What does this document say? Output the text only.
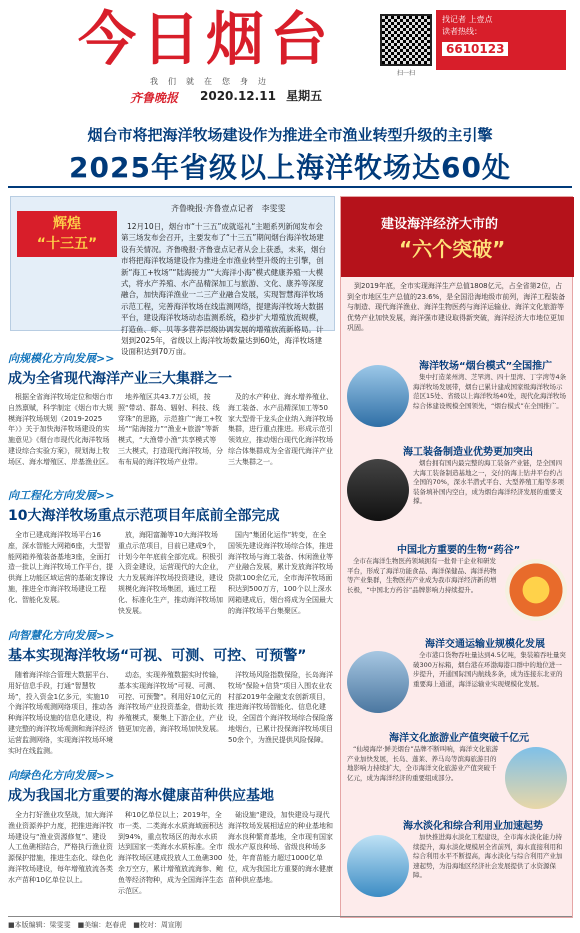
今日烟台
我们就在您身边
齐鲁晚报 2020.12.11 星期五
扫一扫
找记者 上壹点
读者热线：
6610123
烟台市将把海洋牧场建设作为推进全市渔业转型升级的主引擎
2025年省级以上海洋牧场达60处
辉煌
“十三五”
齐鲁晚报·齐鲁壹点记者　李雯雯
12月10日，烟台市“十三五”成就巡礼“主题系列新闻发布会第三场发布会召开，主要发布了“十三五”期间烟台海洋牧场建设有关情况。齐鲁晚报·齐鲁壹点记者从会上获悉，未来，烟台市将把海洋牧场建设作为推进全市渔业转型升级的主引擎，创新“海工+牧场”“陆海接力”“大海洋小海”模式健康养殖一大模式，将水产养殖、水产品精深加工与旅游、文化、康养等深度融合，加快海洋渔业一二三产业融合发展，实现智慧海洋牧场示范工程，完善海洋牧场在线监测网络，提建海洋牧场大数据平台，建设海洋牧场动态监测系统，稳步扩大增殖放流规模，打造鱼、虾、贝等多营养层级协调发展的增殖放流新格局。计划到2025年，省级以上海洋牧场数量达到60处，海洋牧场建设面积达到70万亩。
向规模化方向发展>>
成为全省现代海洋产业三大集群之一
根据全省海洋牧场定位和烟台市自然禀赋，科学制定《烟台市大规模海洋牧场规划（2019-2025年）》关于加快海洋牧场建设的实施意见》《烟台市现代化海洋牧场建设综合实验方案》，规划海上牧场区、海水增殖区、岸基渔业区。
地养殖区共43.7万公顷，按照“带动、群岛、辐射、科技、线穿珠”的思路，示范推广“海工+牧场”“陆海接力”“渔业+旅游”等新模式，“大渔带小渔”共享模式等三大模式，打造现代海洋牧场，分布布局的海洋牧场产业带。
及的水产种业、海水增养殖业、海工装备、水产品精深加工等50家大型骨干龙头企业纳入海洋牧场集群，进行重点推进。形成示范引领效应，推动烟台现代化海洋牧场综合体集群成为全省现代海洋产业三大集群之一。
向工程化方向发展>>
10大海洋牧场重点示范项目年底前全部完成
全市已建成海洋牧场平台16座，深水智能大网箱6座，大型智能网箱养殖装备基地3座，全面打造一批以上海洋牧场工作平台，提供海上功能区域运营的基础支撑设施，推进全市海洋牧场建设工程化、智能化发展。
放，海阳富瀚等10大海洋牧场重点示范项目，目前已建成9个，计划今年年底前全部完成。积极引入资金建设，运营现代的大企业，大力发展海洋牧场投资建设，建设规模化海洋牧场集团，通过工程化、标准化生产，推动海洋牧场加快发展。
国内“集团化运作”转变，在全国领先建设海洋牧场综合体，推进海洋牧场与海工装备、休闲渔业等产业融合发展，累计发放海洋牧场贷款100余亿元，全市海洋牧场面积达到500万方，100个以上深水网箱建成后，烟台将成为全国最大的海洋牧场平台集聚区。
向智慧化方向发展>>
基本实现海洋牧场“可视、可测、可控、可预警”
随着海洋综合管理大数据平台、用好信息手段，打通“智慧牧场”，投入资金1亿多元，实施10个海洋牧场观测网络项目，推动各种海洋牧场设施的信息化建设，构建完整的海洋牧场观测和海洋经济运营监测网络，实现海洋牧场环境实时在线监测。
动态，实现养殖数据实时传输，基本实现海洋牧场“可视、可测、可控、可预警”。利用好10亿元的海洋牧场产业投资基金，借助长效养殖模式，聚集上下游企业，产业链更加完善，海洋牧场加快发展。
洋牧场风险指数保险，长岛海洋牧场“保险+信贷”项目入围农业农村部2019年金融支农创新项目，推进海洋牧场智能化、信息化建设，全国首个海洋牧场综合保险落地烟台，已累计投保海洋牧场项目50余个，为渔民提供风险保障。
向绿色化方向发展>>
成为我国北方重要的海水健康苗种供应基地
全力打好渔业攻坚战，加大海洋渔业资源养护力度，把推进海洋牧场建设与“渔业资源修复”、建设人工鱼礁相结合，严格执行渔业资源保护措施，推进生态化、绿色化海洋牧场建设，每年增殖放流各类水产苗种10亿单位以上。
种10亿单位以上；2019年，全市一类、二类海水水质海域面积达到94%，重点牧场区的海水水质达到国家一类海水水质标准。全市海洋牧场区建成投放人工鱼礁300余万空方，累计增殖放流海参、鲍鱼等经济物种，成为全国海洋生态示范区。
础设施“建设，加快建设与现代海洋牧场发展相适应的种业基地和海水良种繁育基地，全市现有国家级水产原良种场、省级良种场多处，年育苗能力超过1000亿单位，成为我国北方重要的海水健康苗种供应基地。
建设海洋经济大市的
“六个突破”
到2019年底，全市实现海洋生产总值1808亿元，占全省第2位，占到全市地区生产总值的23.6%，是全国沿海地级市前列，海洋工程装备与制造、现代海洋渔业、海洋生物医药与海洋运输业、海洋文化旅游等优势产业加快发展，海洋强市建设取得新突破，海洋经济大市地位更加巩固。
海洋牧场“烟台模式”全国推广
集中打造莱州湾、芝罘湾、四十里湾、丁字湾等4条海洋牧场发展带，烟台已累计建成国家级海洋牧场示范区15处、省级以上海洋牧场40处，现代化海洋牧场综合体建设规模全国领先，“烟台模式”在全国推广。
海工装备制造业优势更加突出
烟台拥有国内最完整的海工装备产业链，是全国四大海工装备制造基地之一，交付的海上钻井平台约占全国的70%，深水半潜式平台、大型养殖工船等多项装备填补国内空白，成为烟台海洋经济发展的重要支撑。
中国北方重要的生物“药谷”
全市在海洋生物医药领域拥有一批骨干企业和研发平台，形成了海洋功能食品、海洋保健品、海洋药物等产业集群，生物医药产业成为我市海洋经济新的增长极，“中国北方药谷”品牌影响力持续提升。
海洋交通运输业规模化发展
全市港口货物吞吐量达到4.5亿吨，集装箱吞吐量突破300万标箱，烟台港在环渤海港口群中的地位进一步提升，开通国际国内航线多条，成为连接东北亚的重要海上通道，海洋运输业实现规模化发展。
海洋文化旅游业产值突破千亿元
“仙境海岸·鲜美烟台”品牌不断叫响，海洋文化旅游产业加快发展，长岛、蓬莱、养马岛等滨海旅游目的地影响力持续扩大，全市海洋文化旅游业产值突破千亿元，成为海洋经济的重要组成部分。
海水淡化和综合利用业加速起势
加快推进海水淡化工程建设，全市海水淡化能力持续提升，海水淡化规模居全省前列，海水直接利用和综合利用水平不断提高，海水淡化与综合利用产业加速起势，为沿海地区经济社会发展提供了水资源保障。
■本版编辑：梁雯雯　■美编：赵春虎　■校对：周宣刚
